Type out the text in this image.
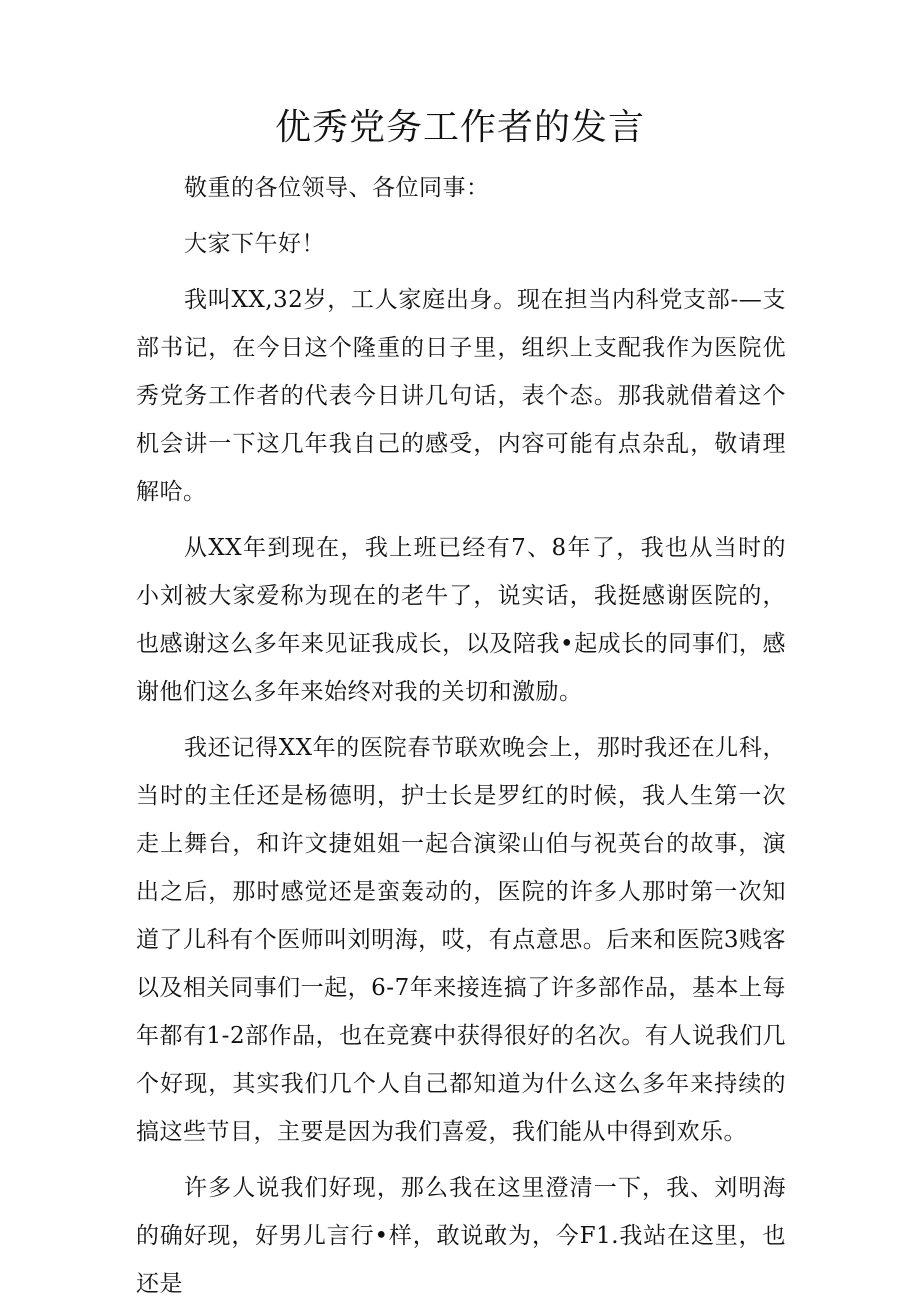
优秀党务工作者的发言

敬重的各位领导、各位同事：

大家下午好！

我叫XX,32岁，工人家庭出身。现在担当内科党支部-—支部书记，在今日这个隆重的日子里，组织上支配我作为医院优秀党务工作者的代表今日讲几句话，表个态。那我就借着这个机会讲一下这几年我自己的感受，内容可能有点杂乱，敬请理解哈。

从XX年到现在，我上班已经有7、8年了，我也从当时的小刘被大家爱称为现在的老牛了，说实话，我挺感谢医院的，也感谢这么多年来见证我成长，以及陪我•起成长的同事们，感谢他们这么多年来始终对我的关切和激励。

我还记得XX年的医院春节联欢晚会上，那时我还在儿科，当时的主任还是杨德明，护士长是罗红的时候，我人生第一次走上舞台，和许文捷姐姐一起合演梁山伯与祝英台的故事，演出之后，那时感觉还是蛮轰动的，医院的许多人那时第一次知道了儿科有个医师叫刘明海，哎，有点意思。后来和医院3贱客以及相关同事们一起，6-7年来接连搞了许多部作品，基本上每年都有1-2部作品，也在竞赛中获得很好的名次。有人说我们几个好现，其实我们几个人自己都知道为什么这么多年来持续的搞这些节目，主要是因为我们喜爱，我们能从中得到欢乐。

许多人说我们好现，那么我在这里澄清一下，我、刘明海的确好现，好男儿言行•样，敢说敢为，今F1.我站在这里，也还是
